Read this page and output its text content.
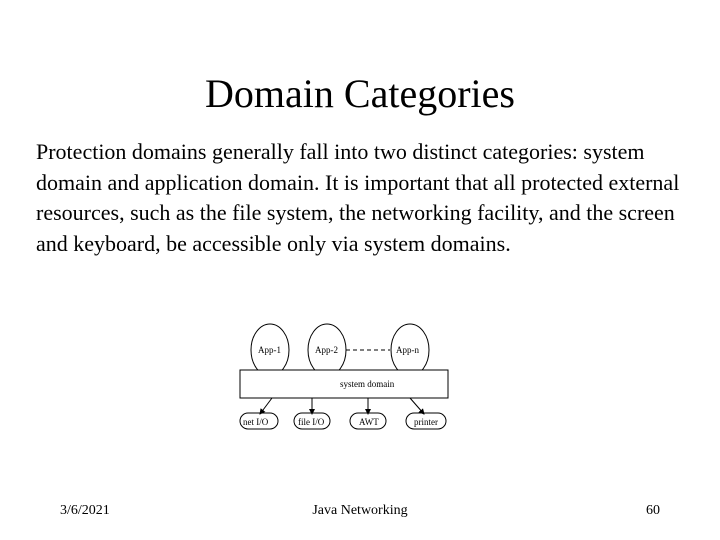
Domain Categories

Protection domains generally fall into two distinct categories: system domain and application domain. It is important that all protected external resources, such as the file system, the networking facility, and the screen and keyboard, be accessible only via system domains.

App-1	App-2	App-n
system domain
net I/O	file I/O	AWT	printer
3/6/2021	Java Networking	60
